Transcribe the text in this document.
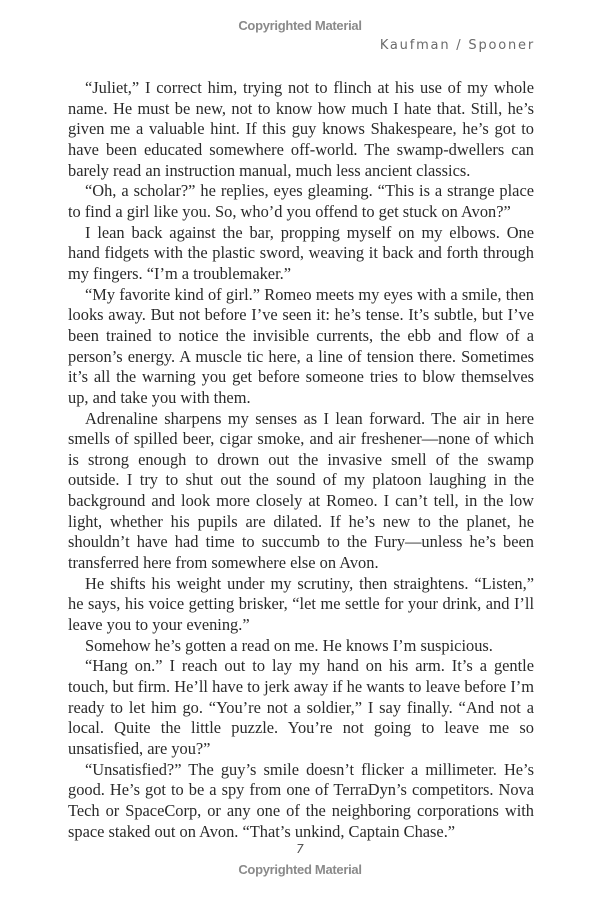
Copyrighted Material
Kaufman / Spooner

“Juliet,” I correct him, trying not to flinch at his use of my whole name. He must be new, not to know how much I hate that. Still, he’s given me a valuable hint. If this guy knows Shakespeare, he’s got to have been educated somewhere off-world. The swamp-dwellers can barely read an instruction manual, much less ancient classics.

“Oh, a scholar?” he replies, eyes gleaming. “This is a strange place to find a girl like you. So, who’d you offend to get stuck on Avon?”

I lean back against the bar, propping myself on my elbows. One hand fidgets with the plastic sword, weaving it back and forth through my fingers. “I’m a troublemaker.”

“My favorite kind of girl.” Romeo meets my eyes with a smile, then looks away. But not before I’ve seen it: he’s tense. It’s subtle, but I’ve been trained to notice the invisible currents, the ebb and flow of a person’s energy. A muscle tic here, a line of tension there. Sometimes it’s all the warning you get before someone tries to blow themselves up, and take you with them.

Adrenaline sharpens my senses as I lean forward. The air in here smells of spilled beer, cigar smoke, and air freshener—none of which is strong enough to drown out the invasive smell of the swamp outside. I try to shut out the sound of my platoon laughing in the background and look more closely at Romeo. I can’t tell, in the low light, whether his pupils are dilated. If he’s new to the planet, he shouldn’t have had time to succumb to the Fury—unless he’s been transferred here from somewhere else on Avon.

He shifts his weight under my scrutiny, then straightens. “Listen,” he says, his voice getting brisker, “let me settle for your drink, and I’ll leave you to your evening.”

Somehow he’s gotten a read on me. He knows I’m suspicious.

“Hang on.” I reach out to lay my hand on his arm. It’s a gentle touch, but firm. He’ll have to jerk away if he wants to leave before I’m ready to let him go. “You’re not a soldier,” I say finally. “And not a local. Quite the little puzzle. You’re not going to leave me so unsatisfied, are you?”

“Unsatisfied?” The guy’s smile doesn’t flicker a millimeter. He’s good. He’s got to be a spy from one of TerraDyn’s competitors. Nova Tech or SpaceCorp, or any one of the neighboring corporations with space staked out on Avon. “That’s unkind, Captain Chase.”

7
Copyrighted Material
